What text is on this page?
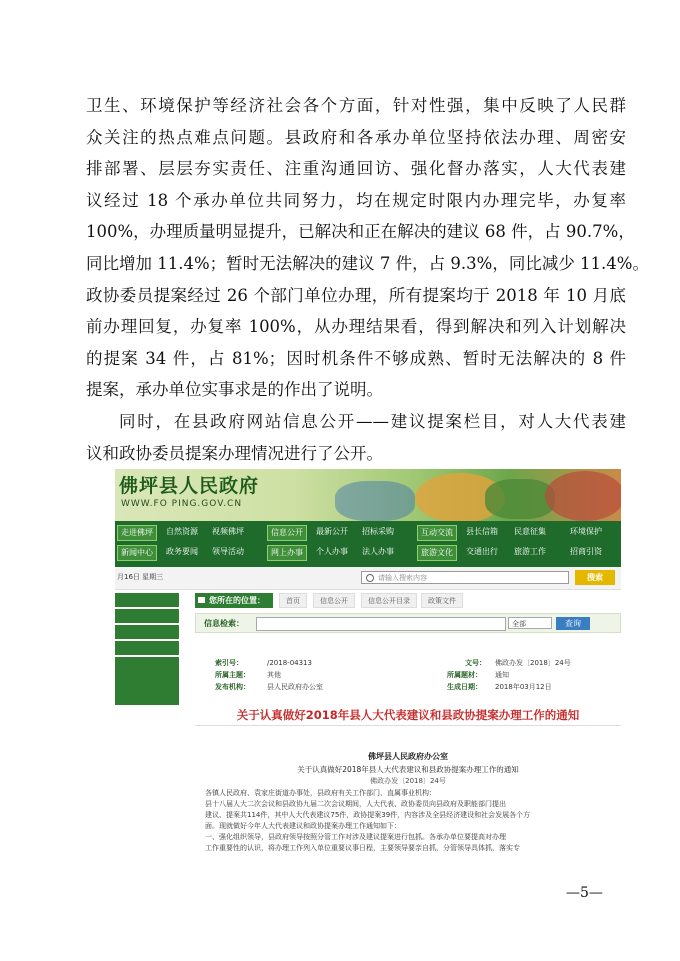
卫生、环境保护等经济社会各个方面，针对性强，集中反映了人民群
众关注的热点难点问题。县政府和各承办单位坚持依法办理、周密安
排部署、层层夯实责任、注重沟通回访、强化督办落实，人大代表建
议经过 18 个承办单位共同努力，均在规定时限内办理完毕，办复率
100%，办理质量明显提升，已解决和正在解决的建议 68 件，占 90.7%，
同比增加 11.4%；暂时无法解决的建议 7 件，占 9.3%，同比减少 11.4%。
政协委员提案经过 26 个部门单位办理，所有提案均于 2018 年 10 月底
前办理回复，办复率 100%，从办理结果看，得到解决和列入计划解决
的提案 34 件，占 81%；因时机条件不够成熟、暂时无法解决的 8 件
提案，承办单位实事求是的作出了说明。

同时，在县政府网站信息公开——建议提案栏目，对人大代表建
议和政协委员提案办理情况进行了公开。

佛坪县人民政府
WWW.FO PING.GOV.CN
走进佛坪	自然资源	视频佛坪	信息公开	最新公开	招标采购	互动交流	县长信箱	民意征集	环境保护
新闻中心	政务要闻	领导活动	网上办事	个人办事	法人办事	旅游文化	交通出行	旅游工作	招商引资
月16日 星期三	请输入搜索内容	搜索
您所在的位置：	首页	信息公开	信息公开目录	政策文件
信息检索：	全部	查询
索引号：	/2018-04313	文号： 佛政办发〔2018〕24号
所属主题： 其他	所属题材： 通知
发布机构： 县人民政府办公室	生成日期： 2018年03月12日
关于认真做好2018年县人大代表建议和县政协提案办理工作的通知
佛坪县人民政府办公室
关于认真做好2018年县人大代表建议和县政协提案办理工作的通知
佛政办发〔2018〕24号
各镇人民政府、袁家庄街道办事处，县政府有关工作部门、直属事业机构：
县十八届人大二次会议和县政协九届二次会议期间，人大代表、政协委员向县政府及职能部门提出
建议、提案共114件，其中人大代表建议75件，政协提案39件，内容涉及全县经济建设和社会发展各个方
面。现就做好今年人大代表建议和政协提案办理工作通知如下：
一、强化组织领导，县政府领导按照分管工作对涉及建议提案进行包抓。各承办单位要提高对办理
工作重要性的认识，将办理工作列入单位重要议事日程，主要领导要亲自抓，分管领导具体抓，落实专
—5—
